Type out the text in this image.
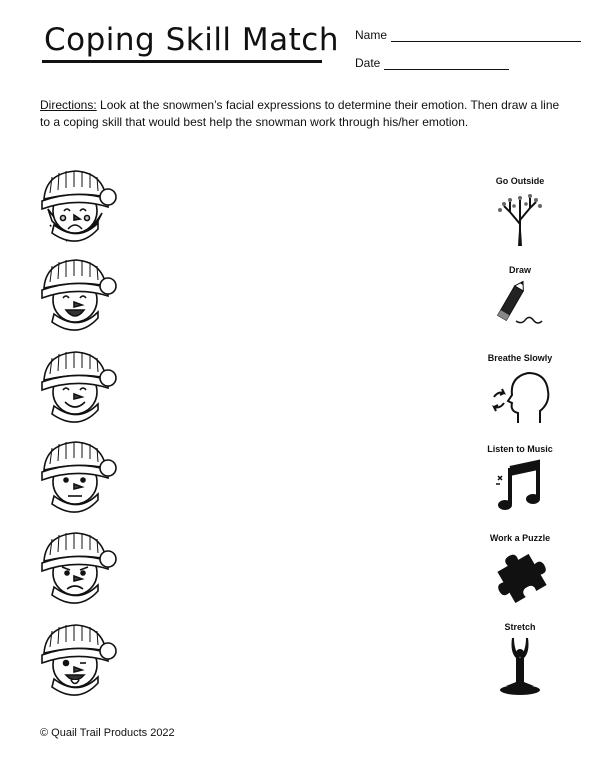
Coping Skill Match Name
Date
Directions: Look at the snowmen’s facial expressions to determine their emotion. Then draw a line to a coping skill that would best help the snowman work through his/her emotion.
Go Outside
Draw
Breathe Slowly
Listen to Music
Work a Puzzle
Stretch
© Quail Trail Products 2022
